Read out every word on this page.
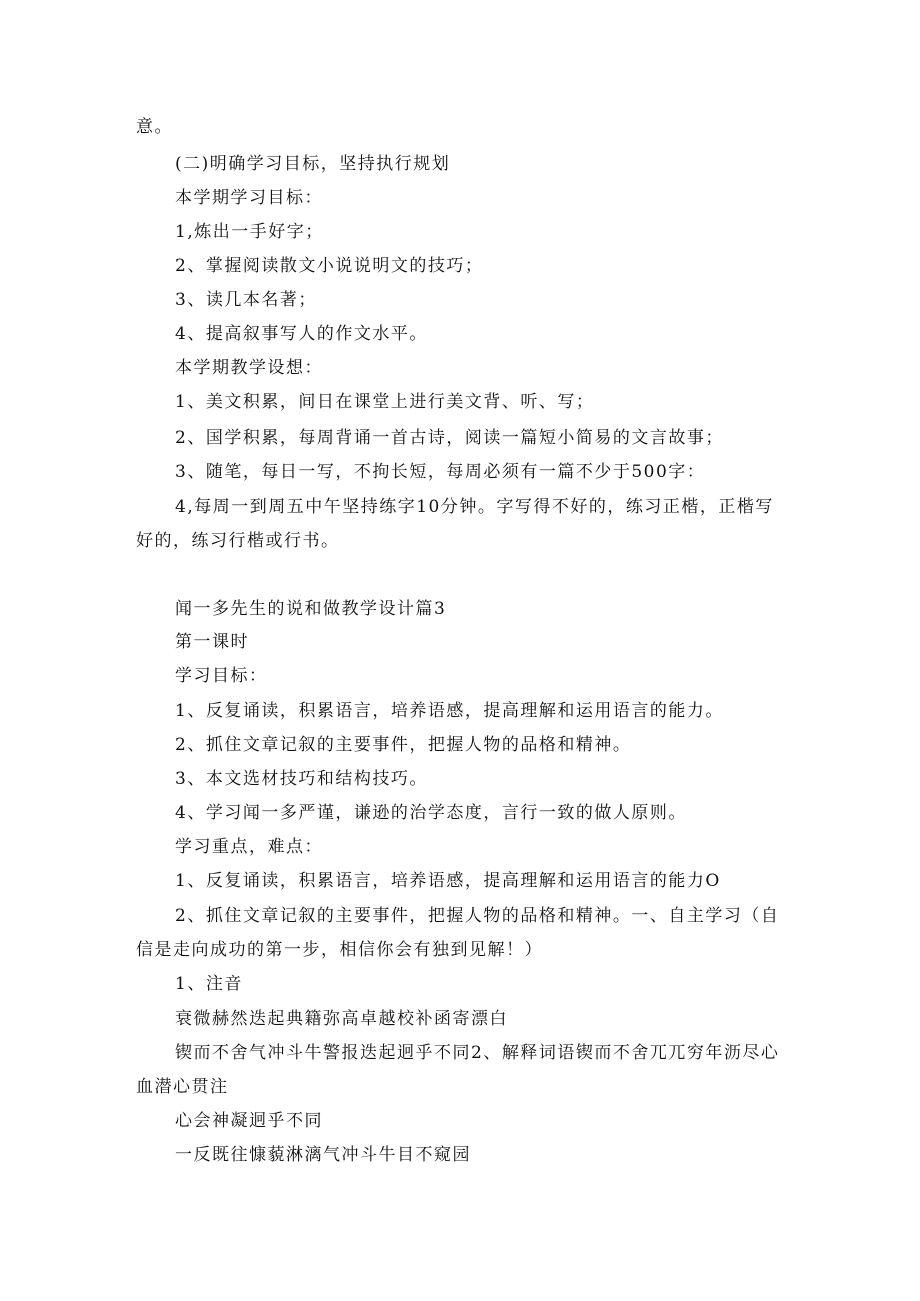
意。
(二)明确学习目标，坚持执行规划
本学期学习目标：
1,炼出一手好字；
2、掌握阅读散文小说说明文的技巧；
3、读几本名著；
4、提高叙事写人的作文水平。
本学期教学设想：
1、美文积累，间日在课堂上进行美文背、听、写；
2、国学积累，每周背诵一首古诗，阅读一篇短小简易的文言故事；
3、随笔，每日一写，不拘长短，每周必须有一篇不少于500字：
4,每周一到周五中午坚持练字10分钟。字写得不好的，练习正楷，正楷写
好的，练习行楷或行书。
闻一多先生的说和做教学设计篇3
第一课时
学习目标：
1、反复诵读，积累语言，培养语感，提高理解和运用语言的能力。
2、抓住文章记叙的主要事件，把握人物的品格和精神。
3、本文选材技巧和结构技巧。
4、学习闻一多严谨，谦逊的治学态度，言行一致的做人原则。
学习重点，难点：
1、反复诵读，积累语言，培养语感，提高理解和运用语言的能力O
2、抓住文章记叙的主要事件，把握人物的品格和精神。一、自主学习（自
信是走向成功的第一步，相信你会有独到见解！）
1、注音
衰微赫然迭起典籍弥高卓越校补函寄漂白
锲而不舍气冲斗牛警报迭起迥乎不同2、解释词语锲而不舍兀兀穷年沥尽心
血潜心贯注
心会神凝迥乎不同
一反既往慷藐淋漓气冲斗牛目不窥园
